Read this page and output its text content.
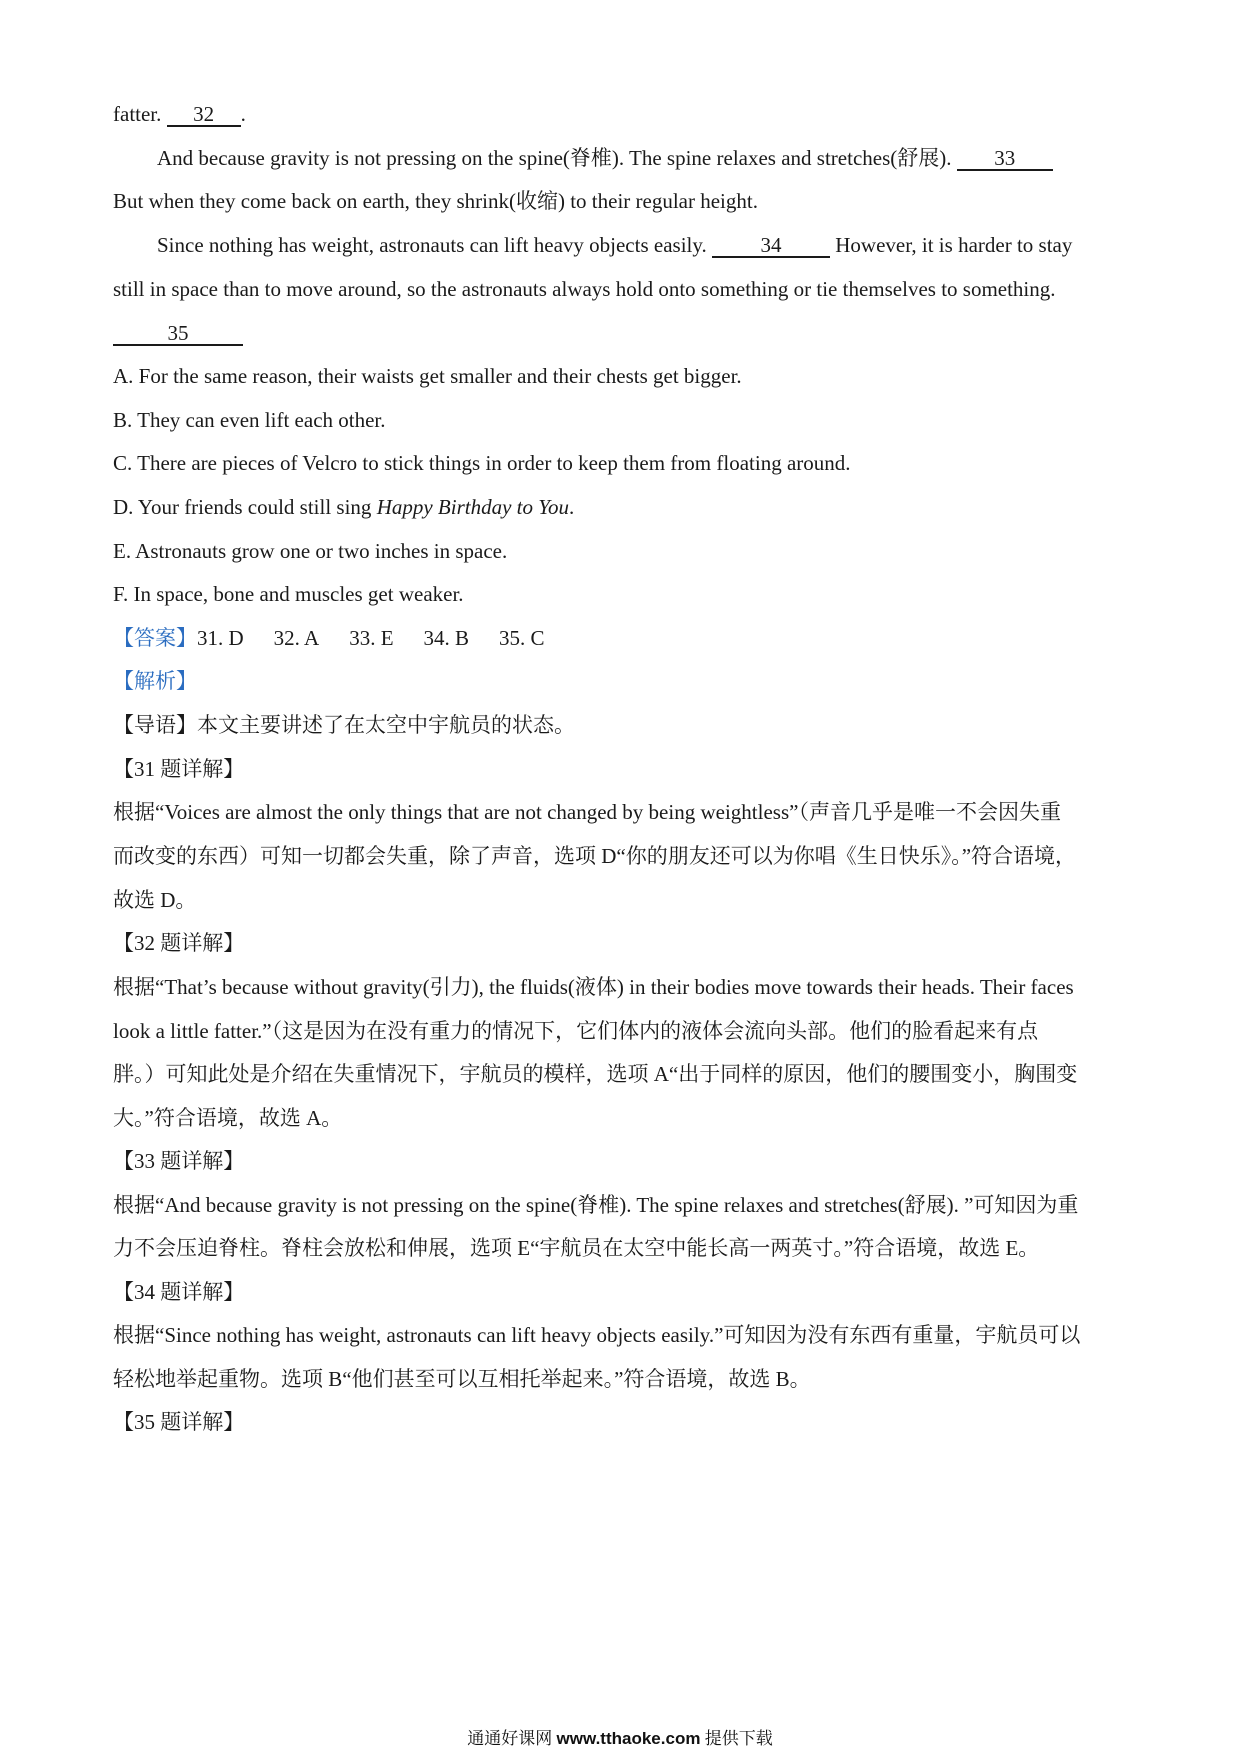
fatter. 32 .
And because gravity is not pressing on the spine(脊椎). The spine relaxes and stretches(舒展). 33
But when they come back on earth, they shrink(收缩) to their regular height.
Since nothing has weight, astronauts can lift heavy objects easily.	34	However, it is harder to stay
still in space than to move around, so the astronauts always hold onto something or tie themselves to something.
35
A. For the same reason, their waists get smaller and their chests get bigger.
B. They can even lift each other.
C. There are pieces of Velcro to stick things in order to keep them from floating around.
D. Your friends could still sing Happy Birthday to You.
E. Astronauts grow one or two inches in space.
F. In space, bone and muscles get weaker.
【答案】31. D 32. A 33. E 34. B 35. C
【解析】
【导语】本文主要讲述了在太空中宇航员的状态。
【31 题详解】
根据“Voices are almost the only things that are not changed by being weightless”（声音几乎是唯一不会因失重
而改变的东西）可知一切都会失重，除了声音，选项 D“你的朋友还可以为你唱《生日快乐》。”符合语境，
故选 D。
【32 题详解】
根据“That’s because without gravity(引力), the fluids(液体) in their bodies move towards their heads. Their faces
look a little fatter.”（这是因为在没有重力的情况下，它们体内的液体会流向头部。他们的脸看起来有点
胖。）可知此处是介绍在失重情况下，宇航员的模样，选项 A“出于同样的原因，他们的腰围变小，胸围变
大。”符合语境，故选 A。
【33 题详解】
根据“And because gravity is not pressing on the spine(脊椎). The spine relaxes and stretches(舒展). ”可知因为重
力不会压迫脊柱。脊柱会放松和伸展，选项 E“宇航员在太空中能长高一两英寸。”符合语境，故选 E。
【34 题详解】
根据“Since nothing has weight, astronauts can lift heavy objects easily.”可知因为没有东西有重量，宇航员可以
轻松地举起重物。选项 B“他们甚至可以互相托举起来。”符合语境，故选 B。
【35 题详解】
通通好课网 www.tthaoke.com 提供下载
